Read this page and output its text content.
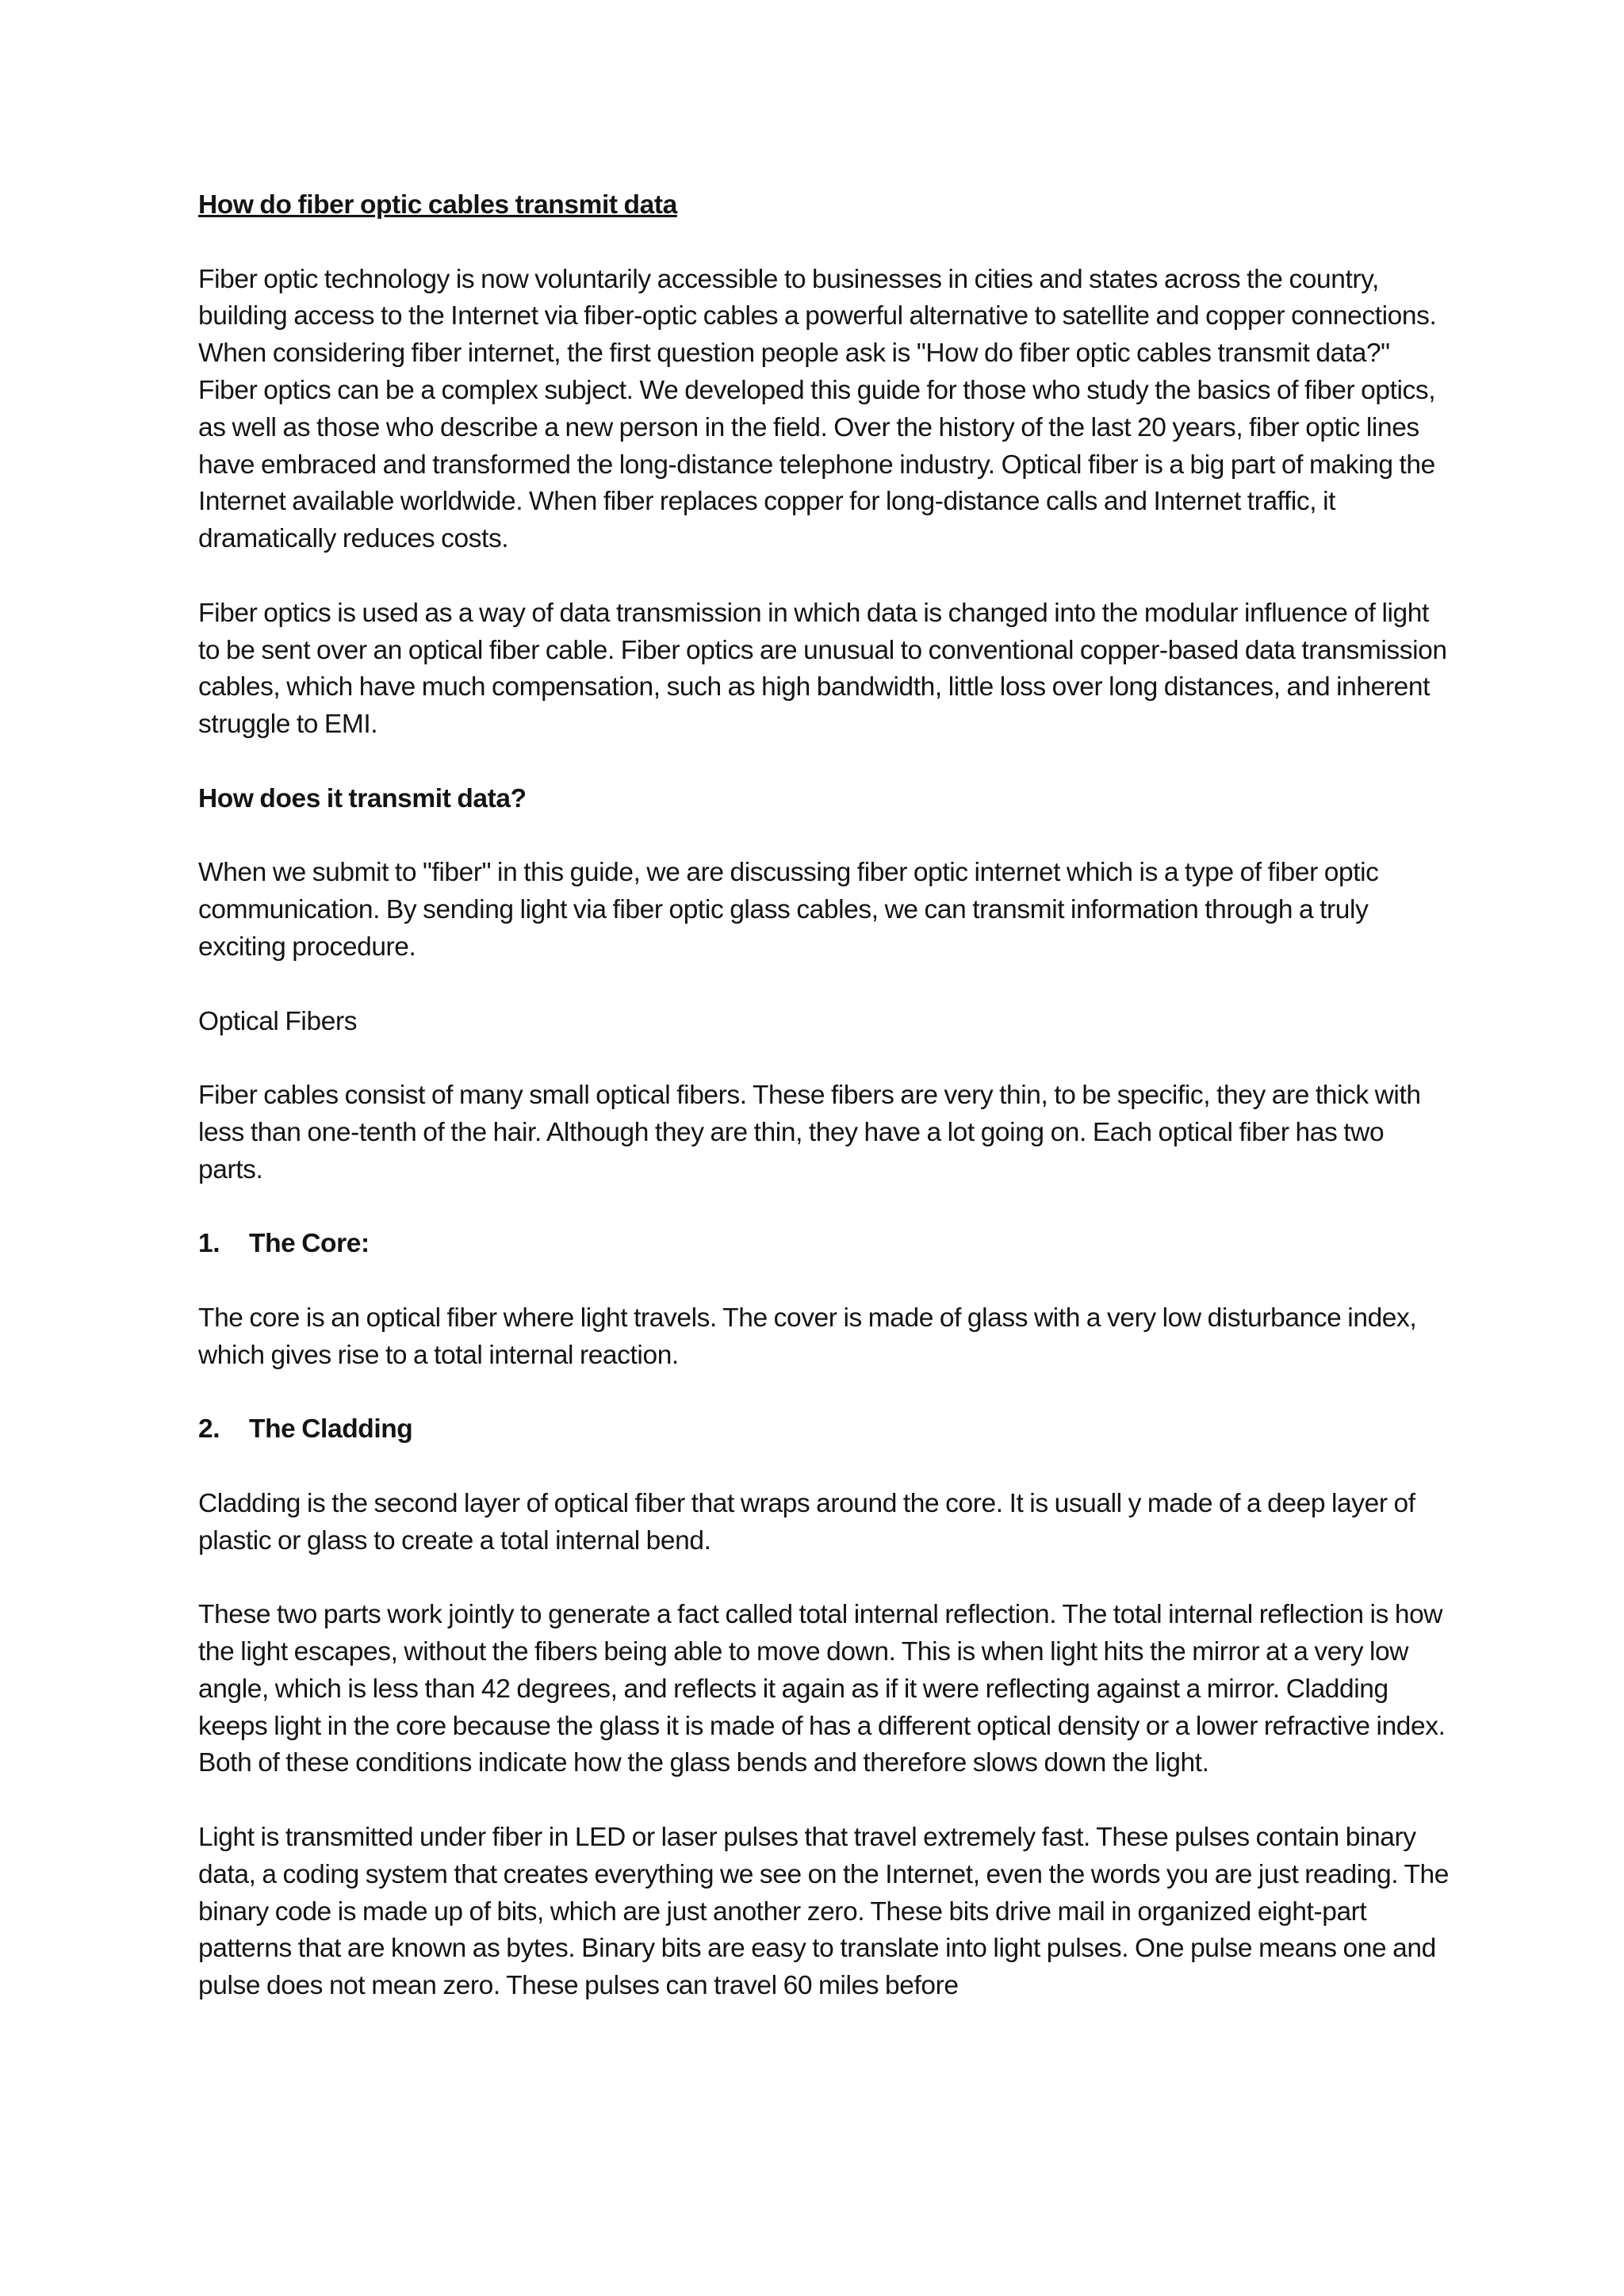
How do fiber optic cables transmit data

Fiber optic technology is now voluntarily accessible to businesses in cities and states across the country, building access to the Internet via fiber-optic cables a powerful alternative to satellite and copper connections. When considering fiber internet, the first question people ask is "How do fiber optic cables transmit data?" Fiber optics can be a complex subject. We developed this guide for those who study the basics of fiber optics, as well as those who describe a new person in the field. Over the history of the last 20 years, fiber optic lines have embraced and transformed the long-distance telephone industry. Optical fiber is a big part of making the Internet available worldwide. When fiber replaces copper for long-distance calls and Internet traffic, it dramatically reduces costs.

Fiber optics is used as a way of data transmission in which data is changed into the modular influence of light to be sent over an optical fiber cable. Fiber optics are unusual to conventional copper-based data transmission cables, which have much compensation, such as high bandwidth, little loss over long distances, and inherent struggle to EMI.

How does it transmit data?

When we submit to "fiber" in this guide, we are discussing fiber optic internet which is a type of fiber optic communication. By sending light via fiber optic glass cables, we can transmit information through a truly exciting procedure.

Optical Fibers

Fiber cables consist of many small optical fibers. These fibers are very thin, to be specific, they are thick with less than one-tenth of the hair. Although they are thin, they have a lot going on. Each optical fiber has two parts.

1.	The Core:

The core is an optical fiber where light travels. The cover is made of glass with a very low disturbance index, which gives rise to a total internal reaction.

2.	The Cladding

Cladding is the second layer of optical fiber that wraps around the core. It is usuall y made of a deep layer of plastic or glass to create a total internal bend.

These two parts work jointly to generate a fact called total internal reflection. The total internal reflection is how the light escapes, without the fibers being able to move down. This is when light hits the mirror at a very low angle, which is less than 42 degrees, and reflects it again as if it were reflecting against a mirror. Cladding keeps light in the core because the glass it is made of has a different optical density or a lower refractive index. Both of these conditions indicate how the glass bends and therefore slows down the light.

Light is transmitted under fiber in LED or laser pulses that travel extremely fast. These pulses contain binary data, a coding system that creates everything we see on the Internet, even the words you are just reading. The binary code is made up of bits, which are just another zero. These bits drive mail in organized eight-part patterns that are known as bytes. Binary bits are easy to translate into light pulses. One pulse means one and pulse does not mean zero. These pulses can travel 60 miles before
